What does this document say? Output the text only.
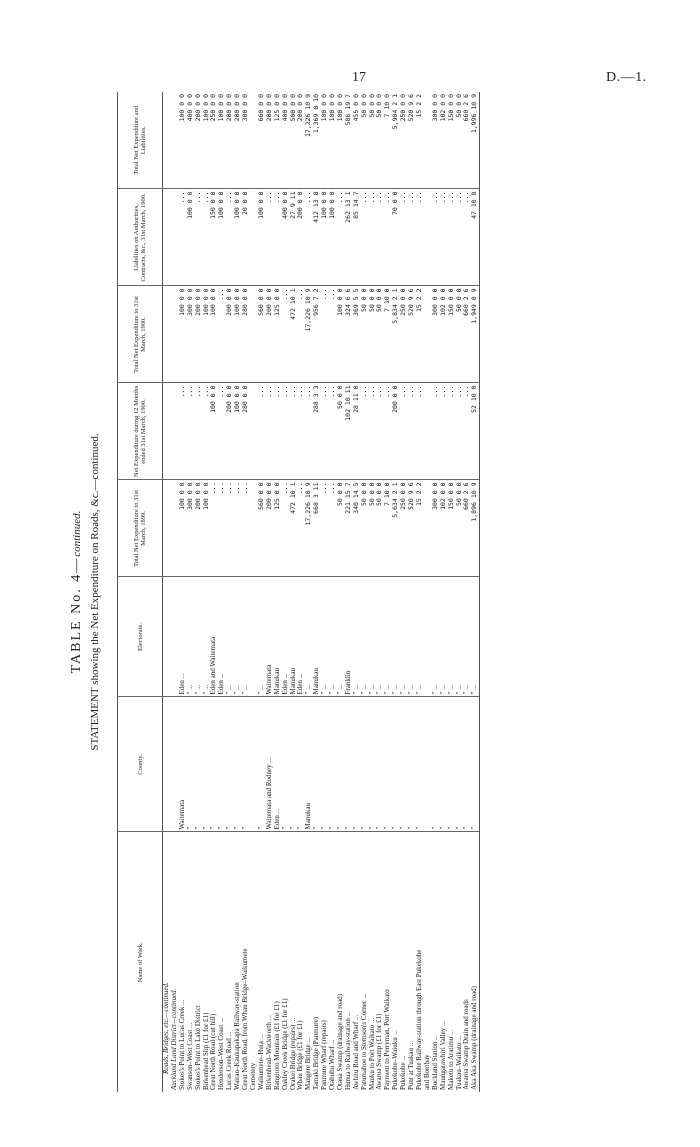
17	D.—1.
TABLE No. 4—continued. STATEMENT showing the Net Expenditure on Roads, &c.—continued.
Name of Work.	County.	Electorate.	Total Net Expenditure to 31st March, 1899.	Net Expenditure during 12 Months ended 31st March, 1900.	Total Net Expenditure to 31st March, 1900.	Liabilities on Authorities, Contracts, &c., 31st March, 1900.	Total Net Expenditure and Liabilities.
Roads, Bridges, etc.—continued.							
Auckland Land District—continued.							
Stokes's Point to Lucas Creek ...	Waitemata	Eden ...	100 0 0	...	100 0 0	...	100 0 0
Swanson–West Coast ...	"	" ...	300 0 0	...	300 0 0	100 0 0	400 0 0
Stokes's Point to Lake District	"	" ...	200 0 0	...	200 0 0	...	200 0 0
Birkenhead Slip (£1 for £1)	"	" ...	100 0 0	...	100 0 0	...	100 0 0
Great North Road (cut hill)	"	Eden and Waitemata	...	100 0 0	100 0 0	150 0 0	250 0 0
Henderson–West Coast ...	"	Eden ...	...	...	...	100 0 0	100 0 0
Lucas Creek Road ...	"	" ...	...	200 0 0	200 0 0	...	200 0 0
Wairau–Kaukapakapa Railway-station	"	" ...	...	100 0 0	100 0 0	100 0 0	200 0 0
Great North Road, from Whau Bridge–Waikumete	"	" ...	...	280 0 0	280 0 0	20 0 0	300 0 0
Cemetery							
Waikumete–Huia ...	"	" ...	560 0 0	...	560 0 0	100 0 0	660 0 0
Birkenhead–Wackworth ...	Waitemata and Rodney ...	Waitemata	200 0 0	...	200 0 0	...	200 0 0
Rangitoto Mountain (£1 for £1)	Eden ...	Manukau	125 0 0	...	125 0 0	...	125 0 0
Oakley Creek Bridge (£1 for £1)	"	Eden ...	...	...	...	400 0 0	400 0 0
Orakei Bridge (repairs) ...	"	Manukau	472 10 1	...	472 10 1	27 9 11	500 0 0
Whau Bridge (£1 for £1)	"	Eden ...	...	...	...	200 0 0	200 0 0
Mangere Bridge ...	Manukau	" ...	17,226 10 9	...	17,226 10 9	...	17,226 10 9
Tamaki Bridge (Panmure)	"	Manukau	668 3 11	288 3 3	956 7 2	412 13 8	1,369 0 10
Panmure Wharf (repairs)	"	" ...	...	...	...	100 0 0	100 0 0
Otahuhu Wharf ...	"	" ...	...	...	...	100 0 0	100 0 0
Otaua Swamp (drainage and road)	"	" ...	50 0 0	50 0 0	100 0 0	...	100 0 0
Hunua to Railway-station ...	"	Franklin	221 15 7	102 10 11	324 6 6	262 13 1	586 19 7
Awhitu Road and Wharf ...	"	" ...	340 14 5	28 11 0	369 5 5	85 14 7	455 0 0
Patumahoe to Stemson's Corner ...	"	" ...	50 0 0	...	50 0 0	...	50 0 0
Mauku to Port Waikato ...	"	" ...	50 0 0	...	50 0 0	...	50 0 0
Awaroa Swamp (£1 for £1)	"	" ...	50 0 0	...	50 0 0	...	50 0 0
Payment to Perryman, Port Waikato	"	" ...	7 10 0	...	7 10 0	...	7 10 0
Pukekohe–Waiuku ...	"	" ...	5,634 2 1	200 0 0	5,834 2 1	70 0 0	5,904 2 1
Pukekohe ...	"	" ...	250 0 0	...	250 0 0	...	250 0 0
Punt at Tuakau ...	"	" ...	520 9 6	...	520 9 6	...	520 9 6
Pukekohe Railway-station through East Pukekohe	"	" ...	15 2 2	...	15 2 2	...	15 2 2
and Bombay							
Buckland Station ...	"	" ...	300 0 0	...	300 0 0	...	300 0 0
Maungatawhiri Valley ...	"	" ...	102 0 0	...	102 0 0	...	102 0 0
Maketu to Aratimu ...	"	" ...	150 0 0	...	150 0 0	...	150 0 0
Tuakau–Waikato ...	"	" ...	50 0 0	...	50 0 0	...	50 0 0
Awaroa Swamp Drain and roads	"	" ...	660 2 6	...	660 2 6	...	660 2 6
Aka Aka Swamp (drainage and road)	"	" ...	1,896 10 9	52 10 0	1,949 0 9	47 10 0	1,996 10 9
